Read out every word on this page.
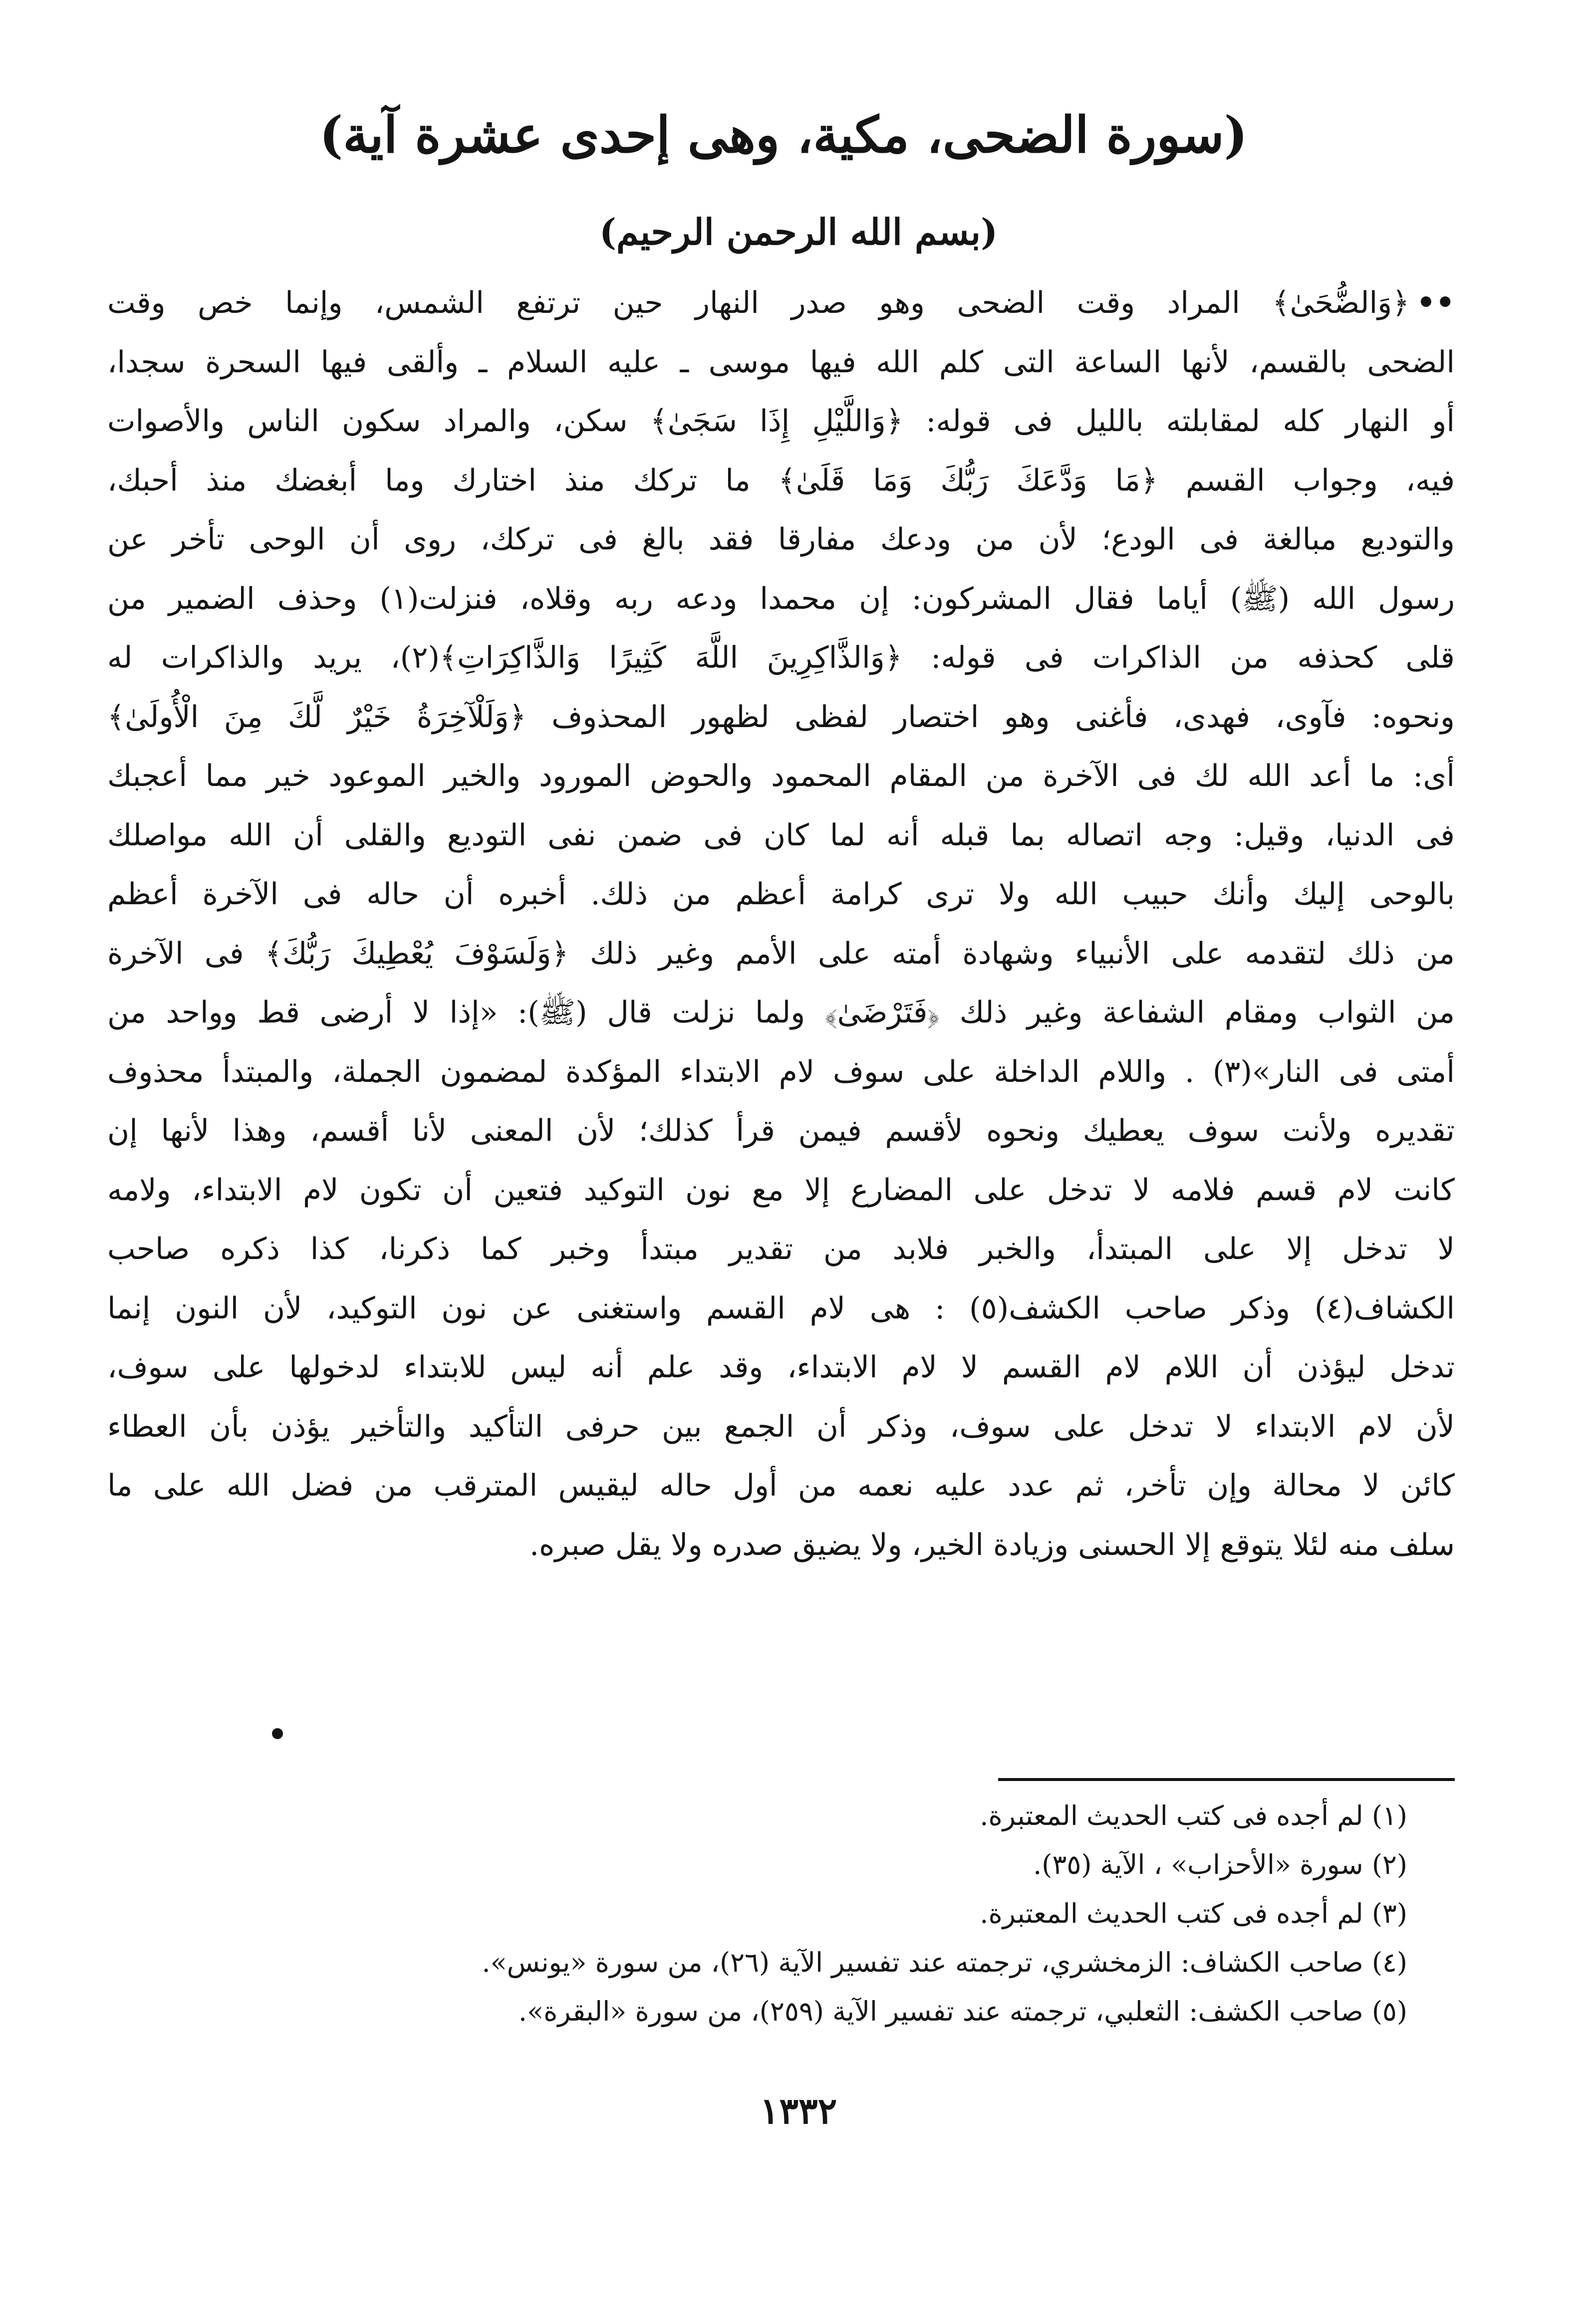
(سورة الضحى، مكية، وهى إحدى عشرة آية)
(بسم الله الرحمن الرحيم)
••﴿وَالضُّحَىٰ﴾ المراد وقت الضحى وهو صدر النهار حين ترتفع الشمس، وإنما خص وقت
الضحى بالقسم، لأنها الساعة التى كلم الله فيها موسى ـ عليه السلام ـ وألقى فيها السحرة سجدا،
أو النهار كله لمقابلته بالليل فى قوله: ﴿وَاللَّيْلِ إِذَا سَجَىٰ﴾ سكن، والمراد سكون الناس والأصوات
فيه، وجواب القسم ﴿مَا وَدَّعَكَ رَبُّكَ وَمَا قَلَىٰ﴾ ما تركك منذ اختارك وما أبغضك منذ أحبك،
والتوديع مبالغة فى الودع؛ لأن من ودعك مفارقا فقد بالغ فى تركك، روى أن الوحى تأخر عن
رسول الله (ﷺ) أياما فقال المشركون: إن محمدا ودعه ربه وقلاه، فنزلت(١) وحذف الضمير من
قلى كحذفه من الذاكرات فى قوله: ﴿وَالذَّاكِرِينَ اللَّهَ كَثِيرًا وَالذَّاكِرَاتِ﴾(٢)، يريد والذاكرات له
ونحوه: فآوى، فهدى، فأغنى وهو اختصار لفظى لظهور المحذوف ﴿وَلَلْآخِرَةُ خَيْرٌ لَّكَ مِنَ الْأُولَىٰ﴾
أى: ما أعد الله لك فى الآخرة من المقام المحمود والحوض المورود والخير الموعود خير مما أعجبك
فى الدنيا، وقيل: وجه اتصاله بما قبله أنه لما كان فى ضمن نفى التوديع والقلى أن الله مواصلك
بالوحى إليك وأنك حبيب الله ولا ترى كرامة أعظم من ذلك. أخبره أن حاله فى الآخرة أعظم
من ذلك لتقدمه على الأنبياء وشهادة أمته على الأمم وغير ذلك ﴿وَلَسَوْفَ يُعْطِيكَ رَبُّكَ﴾ فى الآخرة
من الثواب ومقام الشفاعة وغير ذلك ﴿فَتَرْضَىٰ﴾ ولما نزلت قال (ﷺ): «إذا لا أرضى قط وواحد من
أمتى فى النار»(٣) . واللام الداخلة على سوف لام الابتداء المؤكدة لمضمون الجملة، والمبتدأ محذوف
تقديره ولأنت سوف يعطيك ونحوه لأقسم فيمن قرأ كذلك؛ لأن المعنى لأنا أقسم، وهذا لأنها إن
كانت لام قسم فلامه لا تدخل على المضارع إلا مع نون التوكيد فتعين أن تكون لام الابتداء، ولامه
لا تدخل إلا على المبتدأ، والخبر فلابد من تقدير مبتدأ وخبر كما ذكرنا، كذا ذكره صاحب
الكشاف(٤) وذكر صاحب الكشف(٥) : هى لام القسم واستغنى عن نون التوكيد، لأن النون إنما
تدخل ليؤذن أن اللام لام القسم لا لام الابتداء، وقد علم أنه ليس للابتداء لدخولها على سوف،
لأن لام الابتداء لا تدخل على سوف، وذكر أن الجمع بين حرفى التأكيد والتأخير يؤذن بأن العطاء
كائن لا محالة وإن تأخر، ثم عدد عليه نعمه من أول حاله ليقيس المترقب من فضل الله على ما
سلف منه لئلا يتوقع إلا الحسنى وزيادة الخير، ولا يضيق صدره ولا يقل صبره.
(١) لم أجده فى كتب الحديث المعتبرة.
(٢) سورة «الأحزاب» ، الآية (٣٥).
(٣) لم أجده فى كتب الحديث المعتبرة.
(٤) صاحب الكشاف: الزمخشري، ترجمته عند تفسير الآية (٢٦)، من سورة «يونس».
(٥) صاحب الكشف: الثعلبي، ترجمته عند تفسير الآية (٢٥٩)، من سورة «البقرة».
١٣٣٢
